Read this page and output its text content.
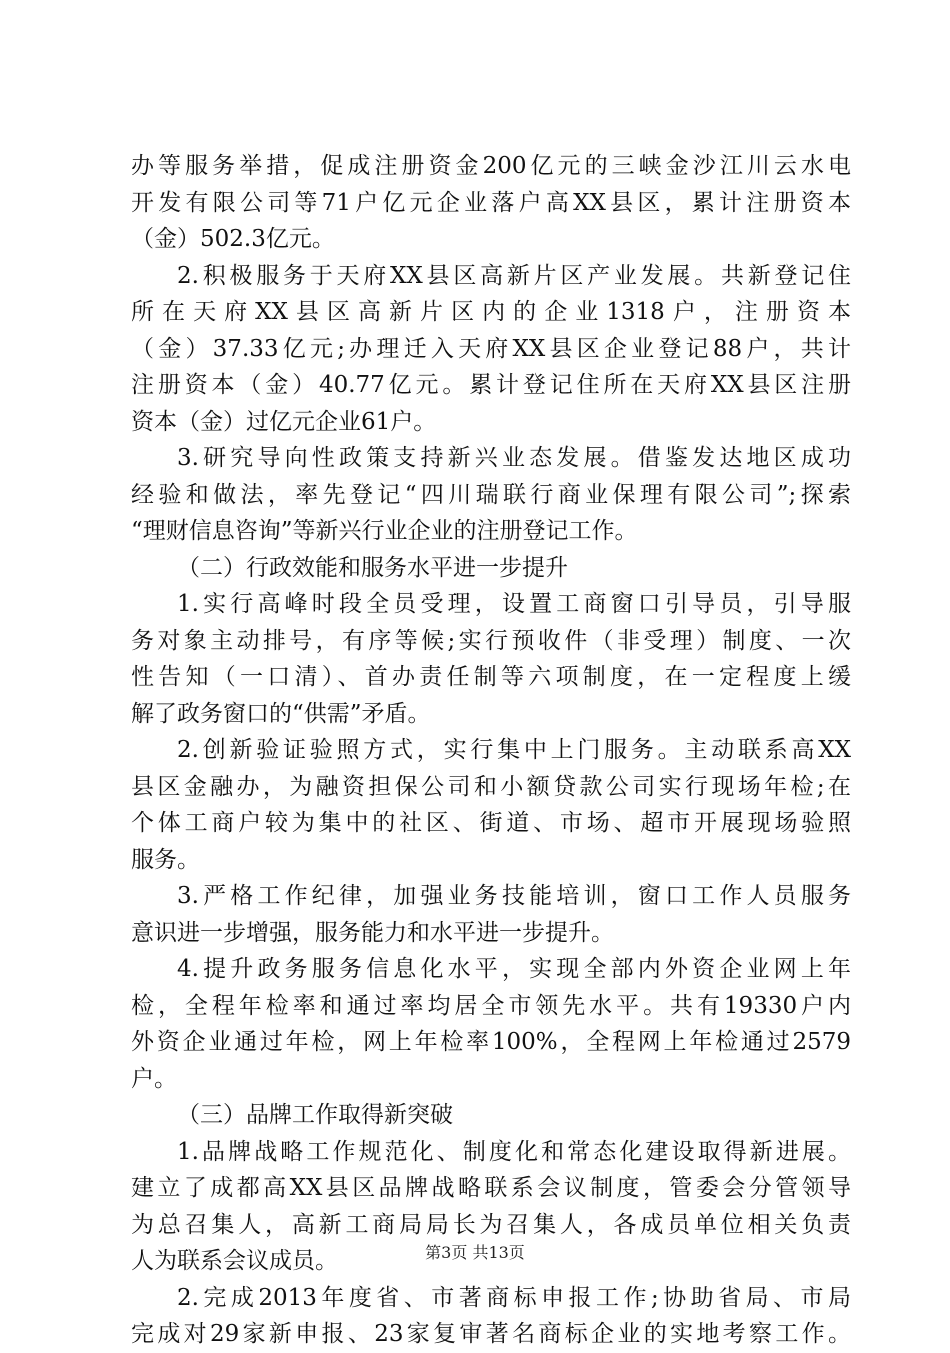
办等服务举措，促成注册资金200亿元的三峡金沙江川云水电
开发有限公司等71户亿元企业落户高XX县区，累计注册资本
（金）502.3亿元。
2.积极服务于天府XX县区高新片区产业发展。共新登记住
所在天府XX县区高新片区内的企业1318户，注册资本
（金）37.33亿元;办理迁入天府XX县区企业登记88户，共计
注册资本（金）40.77亿元。累计登记住所在天府XX县区注册
资本（金）过亿元企业61户。
3.研究导向性政策支持新兴业态发展。借鉴发达地区成功
经验和做法，率先登记“四川瑞联行商业保理有限公司”;探索
“理财信息咨询”等新兴行业企业的注册登记工作。
（二）行政效能和服务水平进一步提升
1.实行高峰时段全员受理，设置工商窗口引导员，引导服
务对象主动排号，有序等候;实行预收件（非受理）制度、一次
性告知（一口清）、首办责任制等六项制度，在一定程度上缓
解了政务窗口的“供需”矛盾。
2.创新验证验照方式，实行集中上门服务。主动联系高XX
县区金融办，为融资担保公司和小额贷款公司实行现场年检;在
个体工商户较为集中的社区、街道、市场、超市开展现场验照
服务。
3.严格工作纪律，加强业务技能培训，窗口工作人员服务
意识进一步增强，服务能力和水平进一步提升。
4.提升政务服务信息化水平，实现全部内外资企业网上年
检，全程年检率和通过率均居全市领先水平。共有19330户内
外资企业通过年检，网上年检率100%，全程网上年检通过2579
户。
（三）品牌工作取得新突破
1.品牌战略工作规范化、制度化和常态化建设取得新进展。
建立了成都高XX县区品牌战略联系会议制度，管委会分管领导
为总召集人，高新工商局局长为召集人，各成员单位相关负责
人为联系会议成员。
2.完成2013年度省、市著商标申报工作;协助省局、市局
完成对29家新申报、23家复审著名商标企业的实地考察工作。
第3页 共13页
